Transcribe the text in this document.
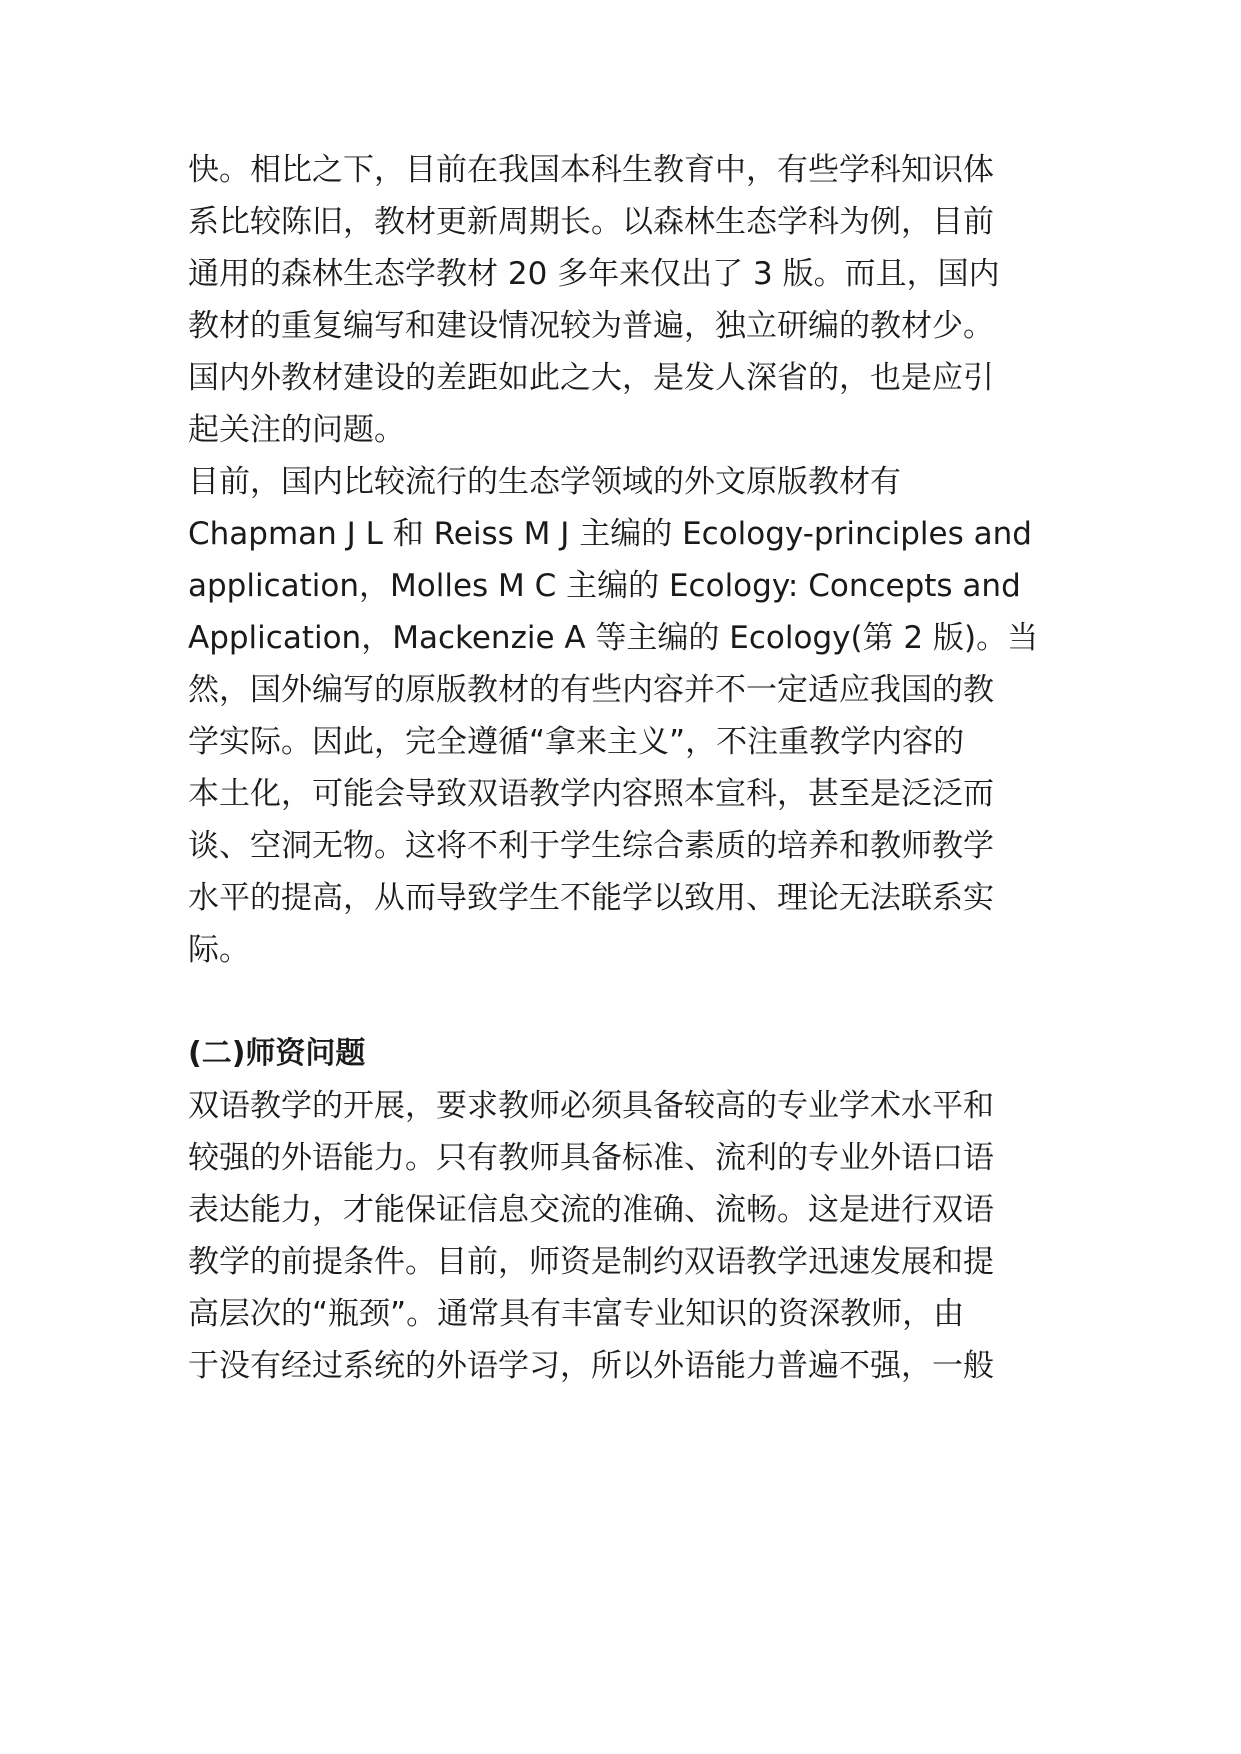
快。相比之下，目前在我国本科生教育中，有些学科知识体

系比较陈旧，教材更新周期长。以森林生态学科为例，目前

通用的森林生态学教材 20 多年来仅出了 3 版。而且，国内

教材的重复编写和建设情况较为普遍，独立研编的教材少。

国内外教材建设的差距如此之大，是发人深省的，也是应引

起关注的问题。

目前，国内比较流行的生态学领域的外文原版教材有

Chapman J L 和 Reiss M J 主编的 Ecology-principles and

application，Molles M C 主编的 Ecology: Concepts and

Application，Mackenzie A 等主编的 Ecology(第 2 版)。当

然，国外编写的原版教材的有些内容并不一定适应我国的教

学实际。因此，完全遵循“拿来主义”，不注重教学内容的

本土化，可能会导致双语教学内容照本宣科，甚至是泛泛而

谈、空洞无物。这将不利于学生综合素质的培养和教师教学

水平的提高，从而导致学生不能学以致用、理论无法联系实

际。

(二)师资问题

双语教学的开展，要求教师必须具备较高的专业学术水平和

较强的外语能力。只有教师具备标准、流利的专业外语口语

表达能力，才能保证信息交流的准确、流畅。这是进行双语

教学的前提条件。目前，师资是制约双语教学迅速发展和提

高层次的“瓶颈”。通常具有丰富专业知识的资深教师，由

于没有经过系统的外语学习，所以外语能力普遍不强，一般
